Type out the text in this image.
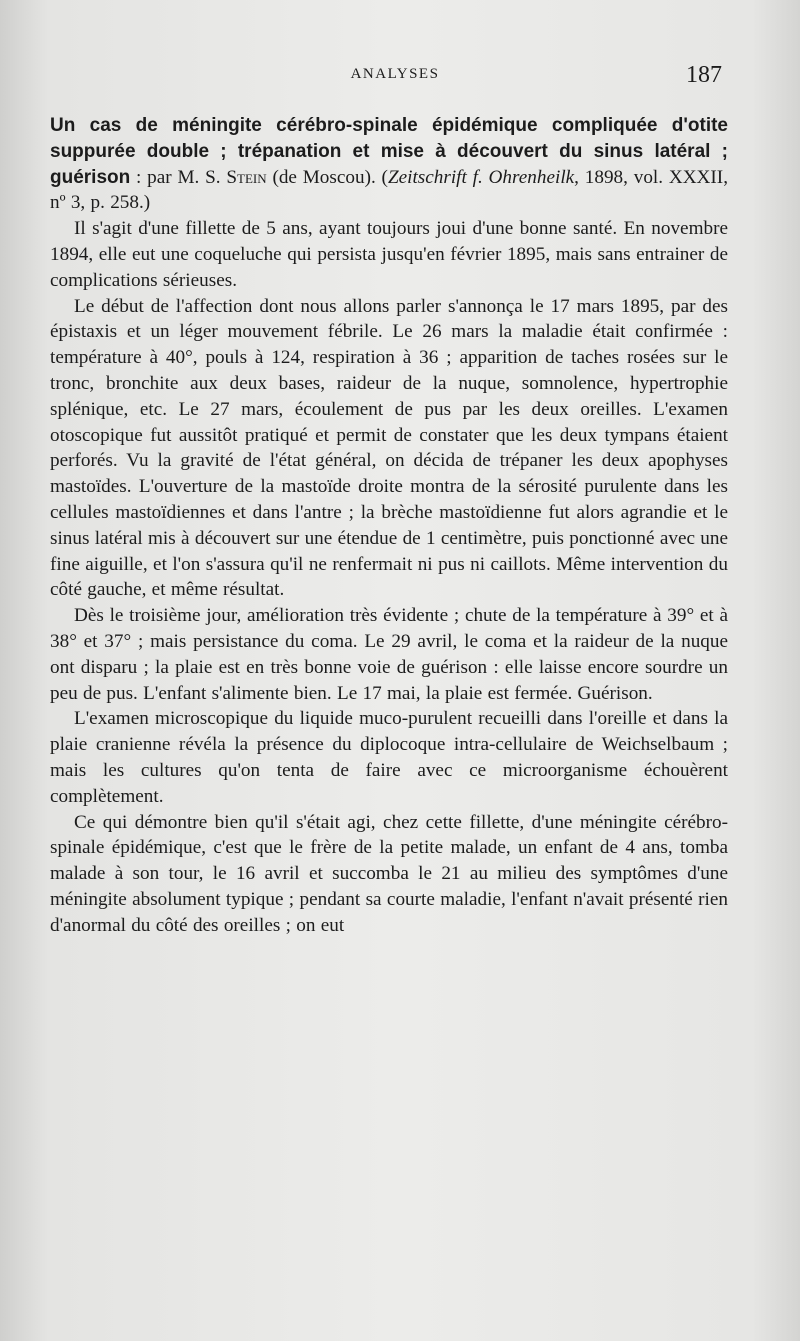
ANALYSES	187

Un cas de méningite cérébro-spinale épidémique compliquée d'otite suppurée double ; trépanation et mise à découvert du sinus latéral ; guérison : par M. S. Stein (de Moscou). (Zeitschrift f. Ohrenheilk, 1898, vol. XXXII, nº 3, p. 258.)

Il s'agit d'une fillette de 5 ans, ayant toujours joui d'une bonne santé. En novembre 1894, elle eut une coqueluche qui persista jusqu'en février 1895, mais sans entrainer de complications sérieuses.

Le début de l'affection dont nous allons parler s'annonça le 17 mars 1895, par des épistaxis et un léger mouvement fébrile. Le 26 mars la maladie était confirmée : température à 40°, pouls à 124, respiration à 36 ; apparition de taches rosées sur le tronc, bronchite aux deux bases, raideur de la nuque, somnolence, hypertrophie splénique, etc. Le 27 mars, écoulement de pus par les deux oreilles. L'examen otoscopique fut aussitôt pratiqué et permit de constater que les deux tympans étaient perforés. Vu la gravité de l'état général, on décida de trépaner les deux apophyses mastoïdes. L'ouverture de la mastoïde droite montra de la sérosité purulente dans les cellules mastoïdiennes et dans l'antre ; la brèche mastoïdienne fut alors agrandie et le sinus latéral mis à découvert sur une étendue de 1 centimètre, puis ponctionné avec une fine aiguille, et l'on s'assura qu'il ne renfermait ni pus ni caillots. Même intervention du côté gauche, et même résultat.

Dès le troisième jour, amélioration très évidente ; chute de la température à 39° et à 38° et 37° ; mais persistance du coma. Le 29 avril, le coma et la raideur de la nuque ont disparu ; la plaie est en très bonne voie de guérison : elle laisse encore sourdre un peu de pus. L'enfant s'alimente bien. Le 17 mai, la plaie est fermée. Guérison.

L'examen microscopique du liquide muco-purulent recueilli dans l'oreille et dans la plaie cranienne révéla la présence du diplocoque intra-cellulaire de Weichselbaum ; mais les cultures qu'on tenta de faire avec ce microorganisme échouèrent complètement.

Ce qui démontre bien qu'il s'était agi, chez cette fillette, d'une méningite cérébro-spinale épidémique, c'est que le frère de la petite malade, un enfant de 4 ans, tomba malade à son tour, le 16 avril et succomba le 21 au milieu des symptômes d'une méningite absolument typique ; pendant sa courte maladie, l'enfant n'avait présenté rien d'anormal du côté des oreilles ; on eut
